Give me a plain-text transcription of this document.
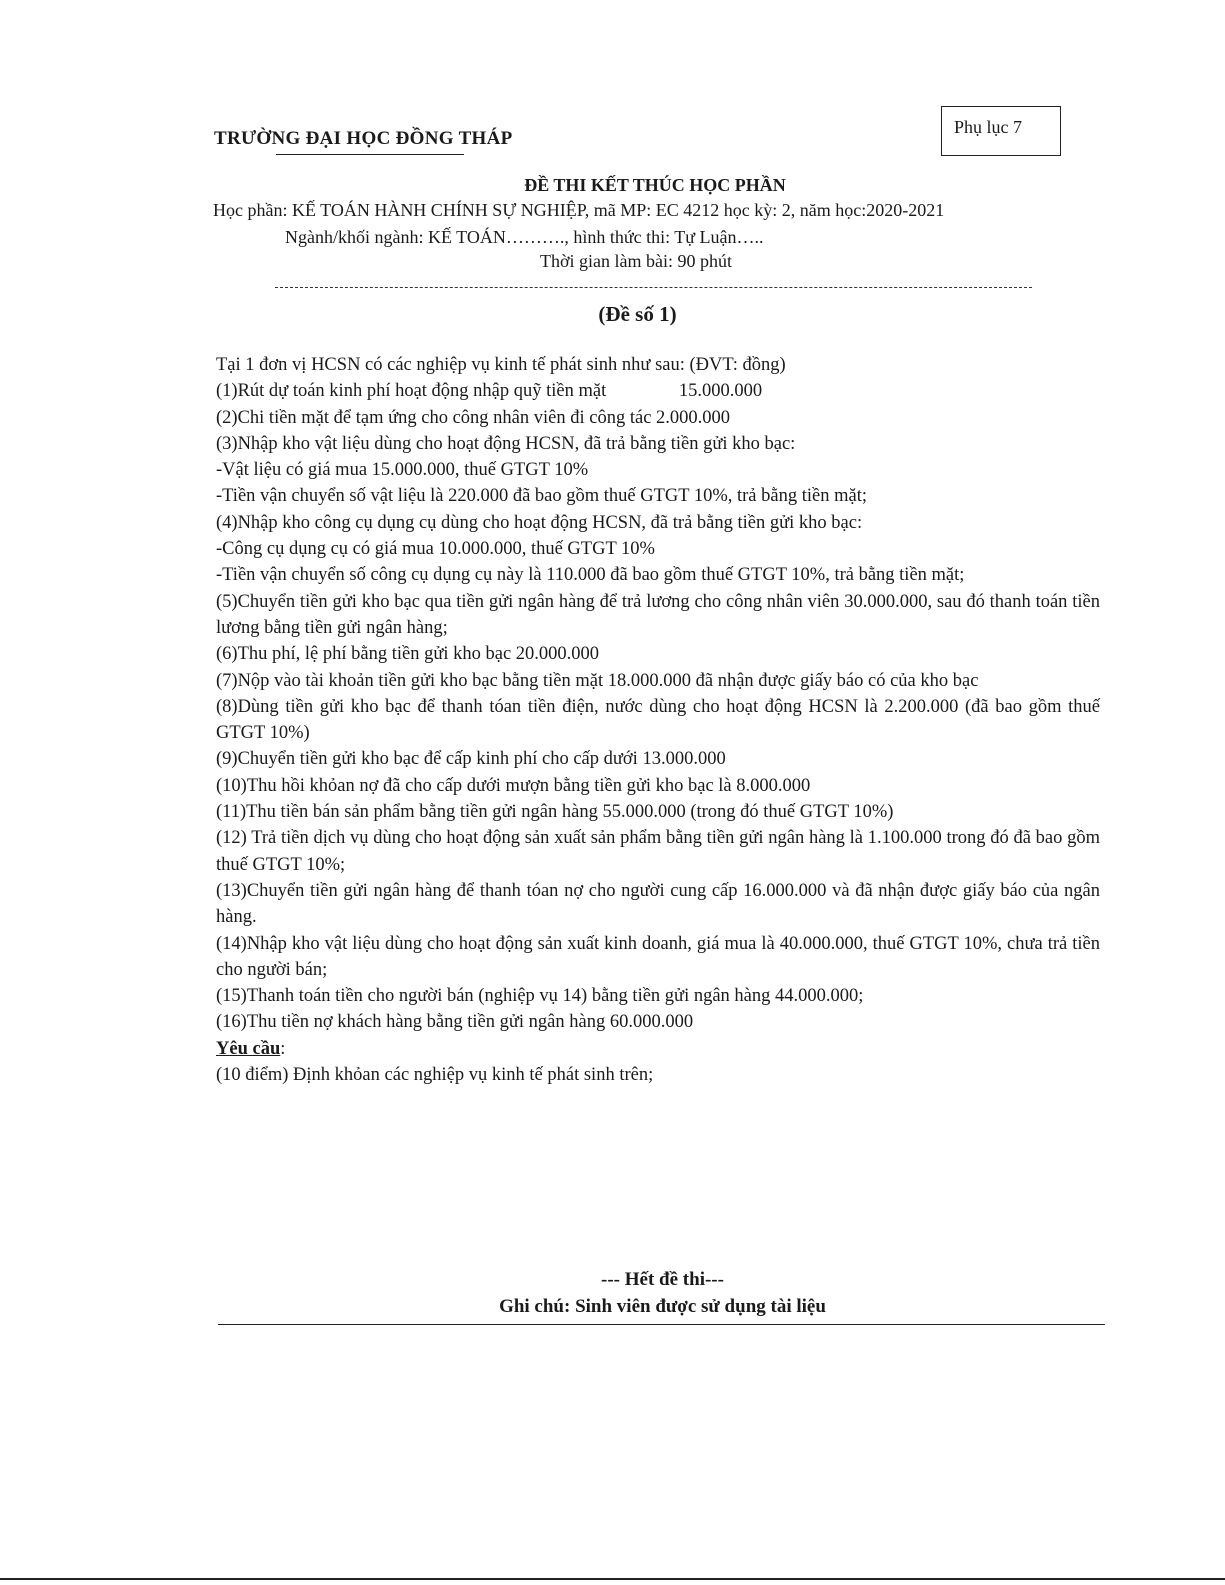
TRƯỜNG ĐẠI HỌC ĐỒNG THÁP
Phụ lục 7
ĐỀ THI KẾT THÚC HỌC PHẦN
Học phần: KẾ TOÁN HÀNH CHÍNH SỰ NGHIỆP, mã MP: EC 4212 học kỳ: 2, năm học:2020-2021
Ngành/khối ngành: KẾ TOÁN………., hình thức thi: Tự Luận…..
Thời gian làm bài: 90 phút
(Đề số 1)
Tại 1 đơn vị HCSN có các nghiệp vụ kinh tế phát sinh như sau: (ĐVT: đồng)
(1)Rút dự toán kinh phí hoạt động nhập quỹ tiền mặt	15.000.000
(2)Chi tiền mặt để tạm ứng cho công nhân viên đi công tác 2.000.000
(3)Nhập kho vật liệu dùng cho hoạt động HCSN, đã trả bằng tiền gửi kho bạc:
-Vật liệu có giá mua 15.000.000, thuế GTGT 10%
-Tiền vận chuyển số vật liệu là 220.000 đã bao gồm thuế GTGT 10%, trả bằng tiền mặt;
(4)Nhập kho công cụ dụng cụ dùng cho hoạt động HCSN, đã trả bằng tiền gửi kho bạc:
-Công cụ dụng cụ có giá mua 10.000.000, thuế GTGT 10%
-Tiền vận chuyển số công cụ dụng cụ này là 110.000 đã bao gồm thuế GTGT 10%, trả bằng tiền mặt;
(5)Chuyển tiền gửi kho bạc qua tiền gửi ngân hàng để trả lương cho công nhân viên 30.000.000, sau đó thanh toán tiền lương bằng tiền gửi ngân hàng;
(6)Thu phí, lệ phí bằng tiền gửi kho bạc 20.000.000
(7)Nộp vào tài khoản tiền gửi kho bạc bằng tiền mặt 18.000.000 đã nhận được giấy báo có của kho bạc
(8)Dùng tiền gửi kho bạc để thanh tóan tiền điện, nước dùng cho hoạt động HCSN là 2.200.000 (đã bao gồm thuế GTGT 10%)
(9)Chuyển tiền gửi kho bạc để cấp kinh phí cho cấp dưới 13.000.000
(10)Thu hồi khỏan nợ đã cho cấp dưới mượn bằng tiền gửi kho bạc là 8.000.000
(11)Thu tiền bán sản phẩm bằng tiền gửi ngân hàng 55.000.000 (trong đó thuế GTGT 10%)
(12) Trả tiền dịch vụ dùng cho hoạt động sản xuất sản phẩm bằng tiền gửi ngân hàng là 1.100.000 trong đó đã bao gồm thuế GTGT 10%;
(13)Chuyển tiền gửi ngân hàng để thanh tóan nợ cho người cung cấp 16.000.000 và đã nhận được giấy báo của ngân hàng.
(14)Nhập kho vật liệu dùng cho hoạt động sản xuất kinh doanh, giá mua là 40.000.000, thuế GTGT 10%, chưa trả tiền cho người bán;
(15)Thanh toán tiền cho người bán (nghiệp vụ 14) bằng tiền gửi ngân hàng 44.000.000;
(16)Thu tiền nợ khách hàng bằng tiền gửi ngân hàng 60.000.000
Yêu cầu:
(10 điểm) Định khỏan các nghiệp vụ kinh tế phát sinh trên;
--- Hết đề thi---
Ghi chú: Sinh viên được sử dụng tài liệu
